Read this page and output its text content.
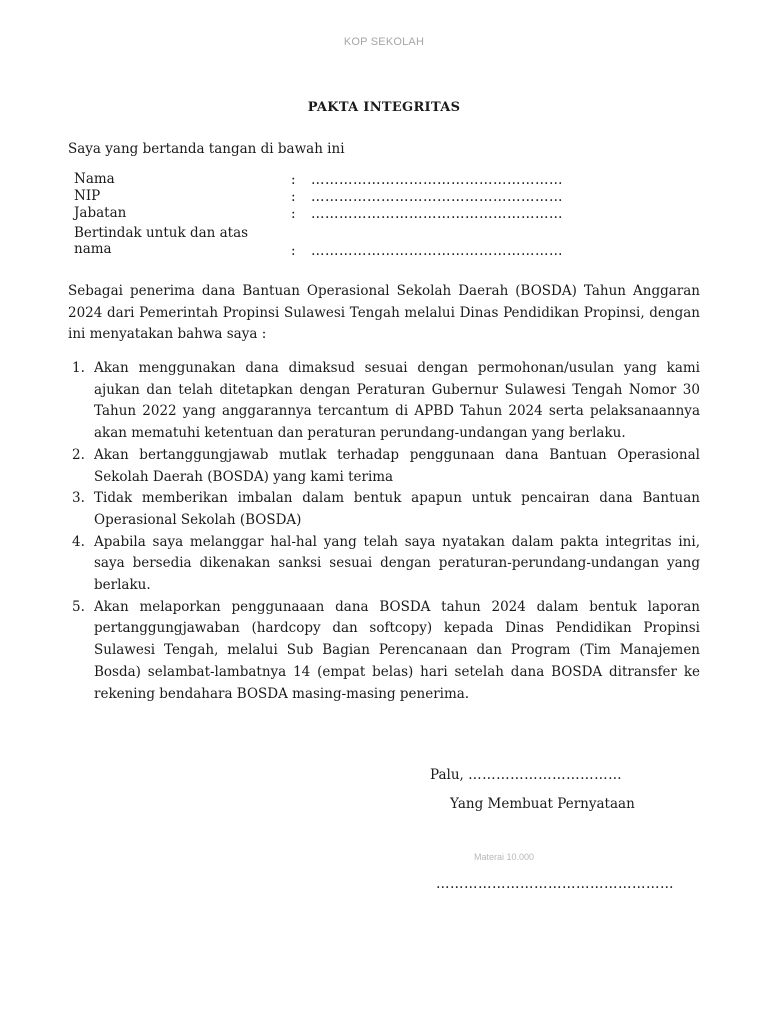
KOP SEKOLAH
PAKTA INTEGRITAS
Saya yang bertanda tangan di bawah ini
Nama	: ………………………………………………
NIP	: ………………………………………………
Jabatan	: ………………………………………………
Bertindak untuk dan atas nama	: ………………………………………………
Sebagai penerima dana Bantuan Operasional Sekolah Daerah (BOSDA) Tahun Anggaran 2024 dari Pemerintah Propinsi Sulawesi Tengah melalui Dinas Pendidikan Propinsi, dengan ini menyatakan bahwa saya :
1. Akan menggunakan dana dimaksud sesuai dengan permohonan/usulan yang kami ajukan dan telah ditetapkan dengan Peraturan Gubernur Sulawesi Tengah Nomor 30 Tahun 2022 yang anggarannya tercantum di APBD Tahun 2024 serta pelaksanaannya akan mematuhi ketentuan dan peraturan perundang-undangan yang berlaku.
2. Akan bertanggungjawab mutlak terhadap penggunaan dana Bantuan Operasional Sekolah Daerah (BOSDA) yang kami terima
3. Tidak memberikan imbalan dalam bentuk apapun untuk pencairan dana Bantuan Operasional Sekolah (BOSDA)
4. Apabila saya melanggar hal-hal yang telah saya nyatakan dalam pakta integritas ini, saya bersedia dikenakan sanksi sesuai dengan peraturan-perundang-undangan yang berlaku.
5. Akan melaporkan penggunaaan dana BOSDA tahun 2024 dalam bentuk laporan pertanggungjawaban (hardcopy dan softcopy) kepada Dinas Pendidikan Propinsi Sulawesi Tengah, melalui Sub Bagian Perencanaan dan Program (Tim Manajemen Bosda) selambat-lambatnya 14 (empat belas) hari setelah dana BOSDA ditransfer ke rekening bendahara BOSDA masing-masing penerima.
Palu, ……………………………
Yang Membuat Pernyataan
Materai 10.000
……………………………………………
